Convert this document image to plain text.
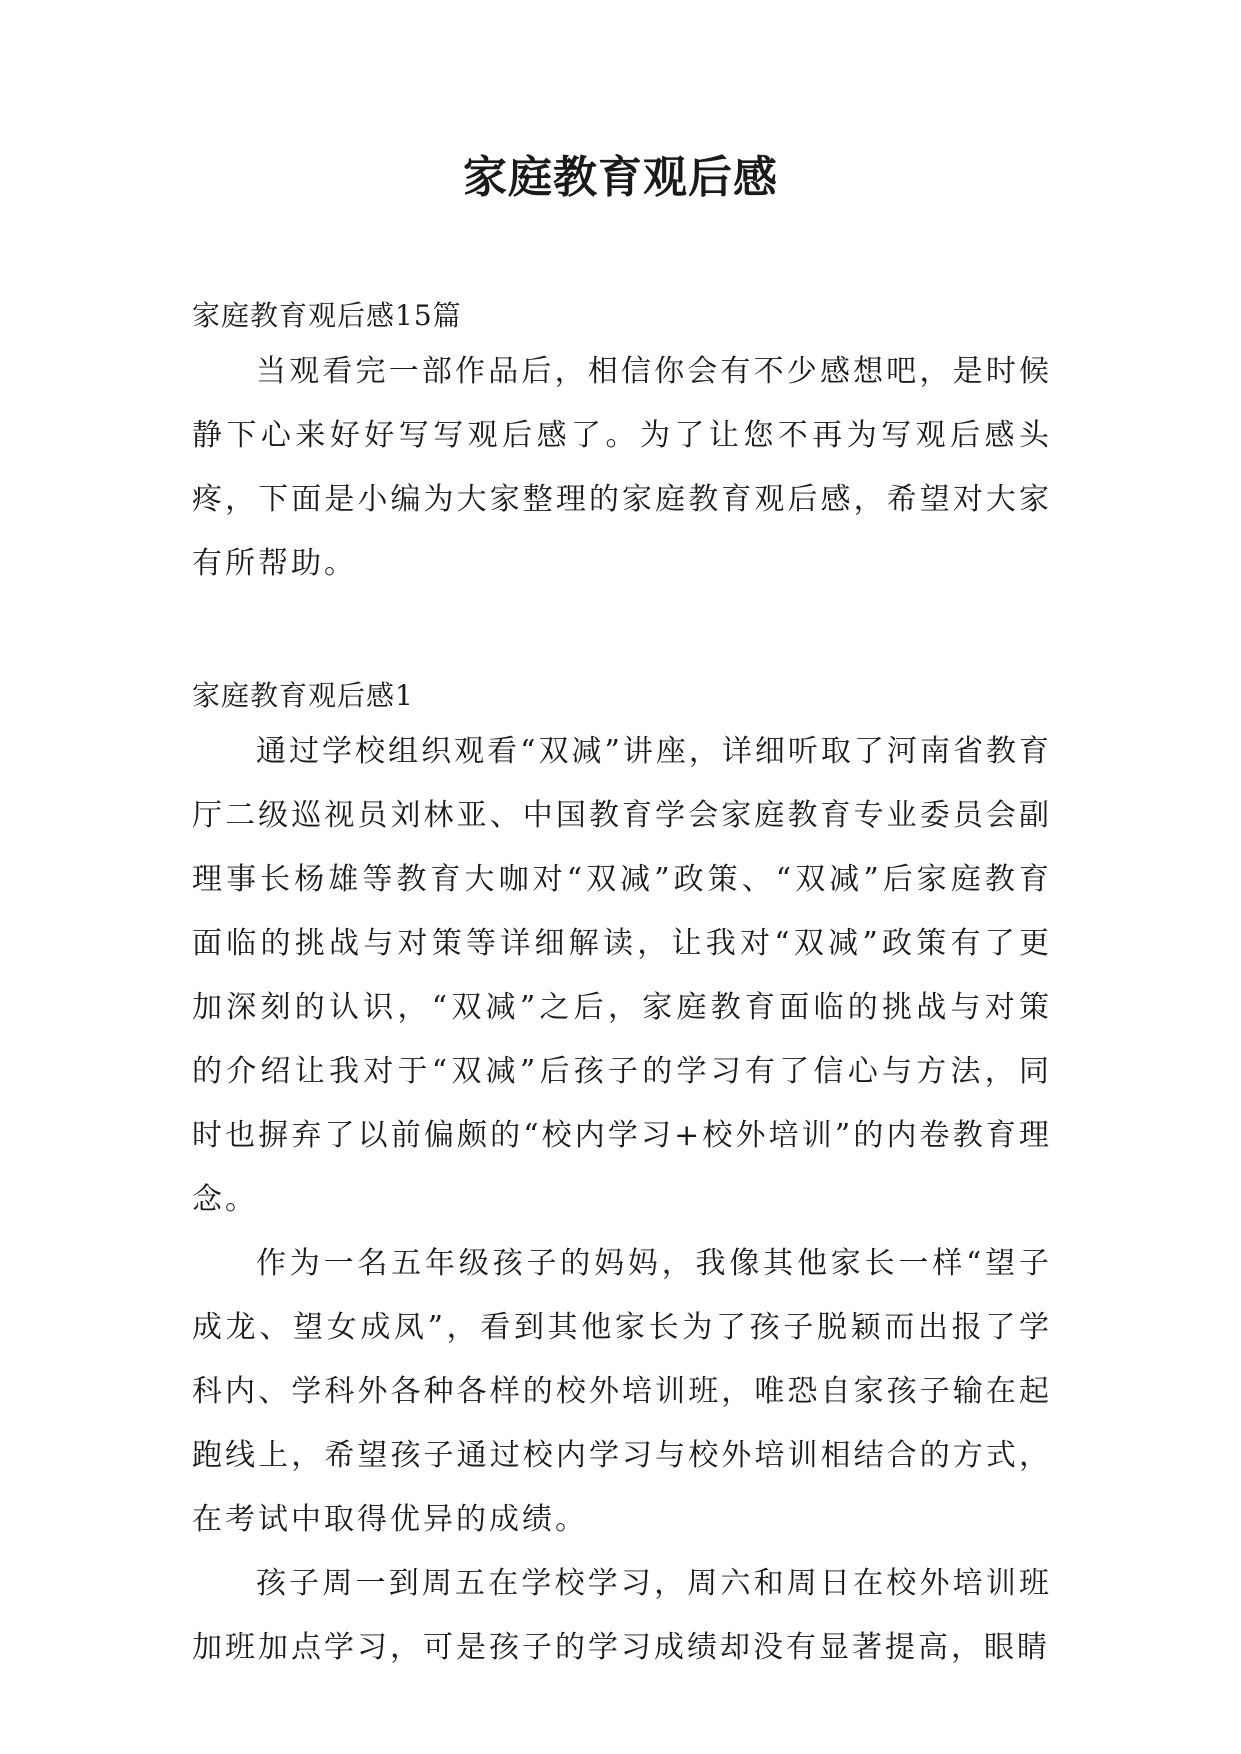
家庭教育观后感

家庭教育观后感15篇

当观看完一部作品后，相信你会有不少感想吧，是时候静下心来好好写写观后感了。为了让您不再为写观后感头疼，下面是小编为大家整理的家庭教育观后感，希望对大家有所帮助。

家庭教育观后感1

通过学校组织观看“双减”讲座，详细听取了河南省教育厅二级巡视员刘林亚、中国教育学会家庭教育专业委员会副理事长杨雄等教育大咖对“双减”政策、“双减”后家庭教育面临的挑战与对策等详细解读，让我对“双减”政策有了更加深刻的认识，“双减”之后，家庭教育面临的挑战与对策的介绍让我对于“双减”后孩子的学习有了信心与方法，同时也摒弃了以前偏颇的“校内学习+校外培训”的内卷教育理念。

作为一名五年级孩子的妈妈，我像其他家长一样“望子成龙、望女成凤”，看到其他家长为了孩子脱颖而出报了学科内、学科外各种各样的校外培训班，唯恐自家孩子输在起跑线上，希望孩子通过校内学习与校外培训相结合的方式，在考试中取得优异的成绩。

孩子周一到周五在学校学习，周六和周日在校外培训班加班加点学习，可是孩子的学习成绩却没有显著提高，眼睛
